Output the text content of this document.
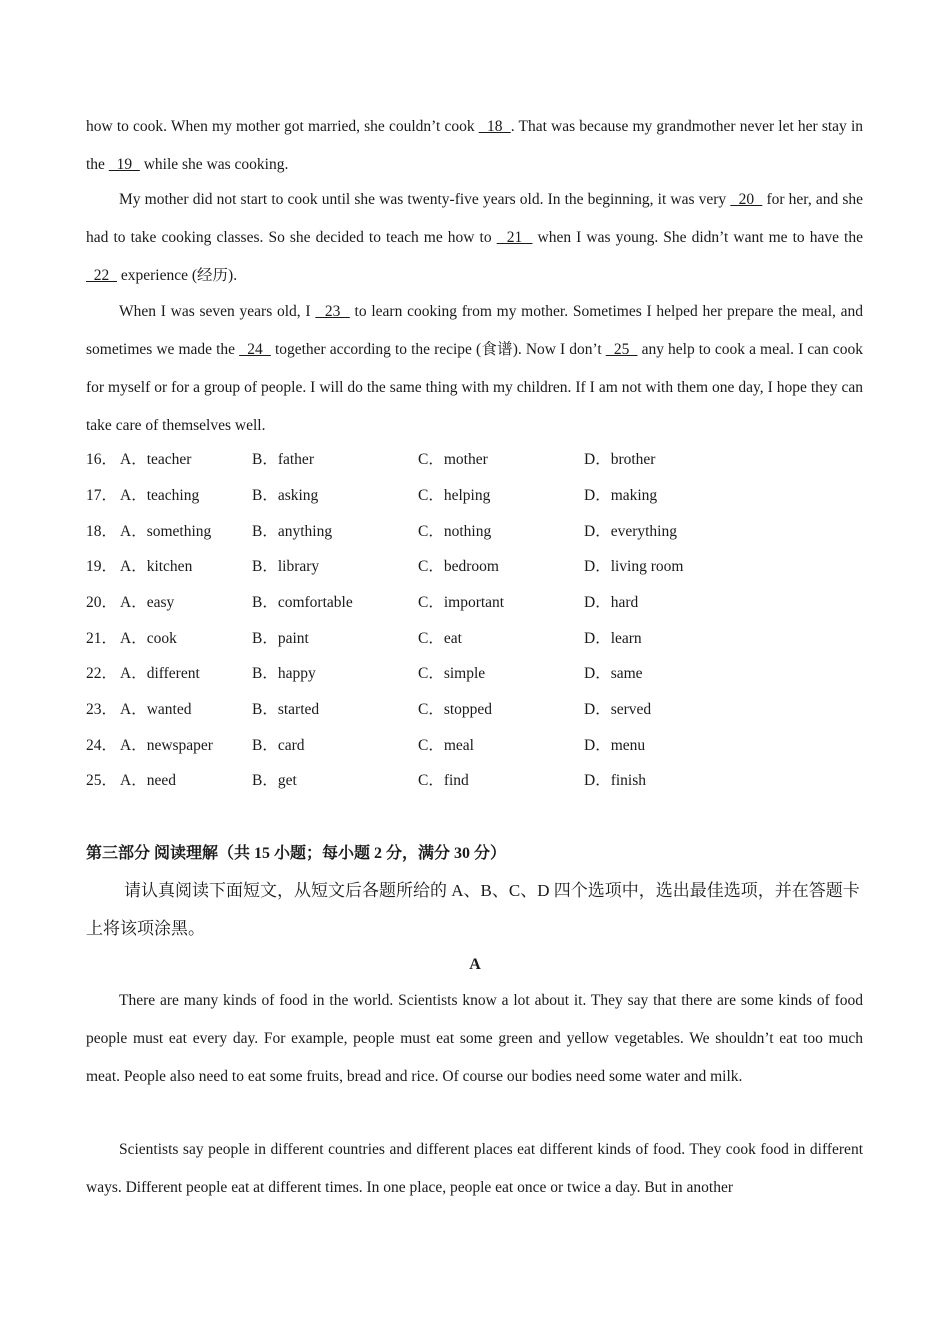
how to cook. When my mother got married, she couldn’t cook   18  . That was because my grandmother never let her stay in the   19   while she was cooking.

My mother did not start to cook until she was twenty-five years old. In the beginning, it was very   20   for her, and she had to take cooking classes. So she decided to teach me how to   21   when I was young. She didn’t want me to have the   22   experience (经历).

When I was seven years old, I   23   to learn cooking from my mother. Sometimes I helped her prepare the meal, and sometimes we made the   24   together according to the recipe (食谱). Now I don’t   25   any help to cook a meal. I can cook for myself or for a group of people. I will do the same thing with my children. If I am not with them one day, I hope they can take care of themselves well.

16． A．teacher	B．father	C．mother	D．brother
17． A．teaching	B．asking	C．helping	D．making
18． A．something	B．anything	C．nothing	D．everything
19． A．kitchen	B．library	C．bedroom	D．living room
20． A．easy	B．comfortable	C．important	D．hard
21． A．cook	B．paint	C．eat	D．learn
22． A．different	B．happy	C．simple	D．same
23． A．wanted	B．started	C．stopped	D．served
24． A．newspaper	B．card	C．meal	D．menu
25． A．need	B．get	C．find	D．finish
第三部分 阅读理解（共 15 小题；每小题 2 分，满分 30 分）

请认真阅读下面短文，从短文后各题所给的 A、B、C、D 四个选项中，选出最佳选项，并在答题卡上将该项涂黑。

A

There are many kinds of food in the world. Scientists know a lot about it. They say that there are some kinds of food people must eat every day. For example, people must eat some green and yellow vegetables. We shouldn’t eat too much meat. People also need to eat some fruits, bread and rice. Of course our bodies need some water and milk.

Scientists say people in different countries and different places eat different kinds of food. They cook food in different ways. Different people eat at different times. In one place, people eat once or twice a day. But in another
